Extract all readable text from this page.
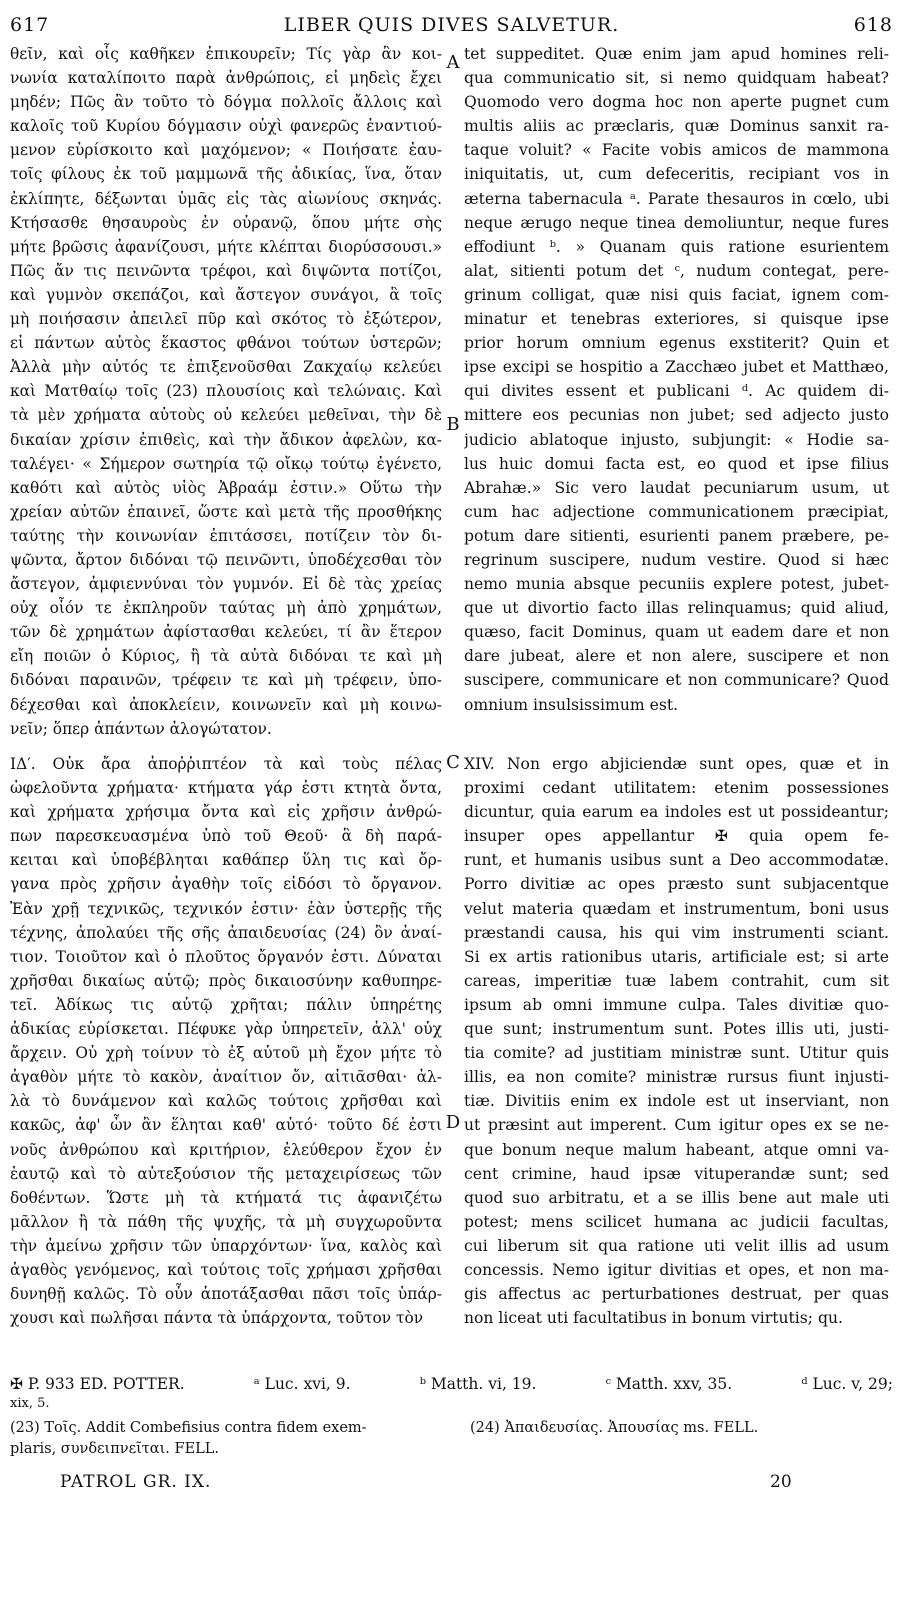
617	LIBER QUIS DIVES SALVETUR.	618
θεῖν, καὶ οἷς καθῆκεν ἐπικουρεῖν; Τίς γὰρ ἂν κοι-
νωνία καταλίποιτο παρὰ ἀνθρώποις, εἰ μηδεὶς ἔχει
μηδέν; Πῶς ἂν τοῦτο τὸ δόγμα πολλοῖς ἄλλοις καὶ
καλοῖς τοῦ Κυρίου δόγμασιν οὐχὶ φανερῶς ἐναντιού-
μενον εὑρίσκοιτο καὶ μαχόμενον; « Ποιήσατε ἑαυ-
τοῖς φίλους ἐκ τοῦ μαμμωνᾶ τῆς ἀδικίας, ἵνα, ὅταν
ἐκλίπητε, δέξωνται ὑμᾶς εἰς τὰς αἰωνίους σκηνάς.
Κτήσασθε θησαυροὺς ἐν οὐρανῷ, ὅπου μήτε σὴς
μήτε βρῶσις ἀφανίζουσι, μήτε κλέπται διορύσσουσι.»
Πῶς ἄν τις πεινῶντα τρέφοι, καὶ διψῶντα ποτίζοι,
καὶ γυμνὸν σκεπάζοι, καὶ ἄστεγον συνάγοι, ἃ τοῖς
μὴ ποιήσασιν ἀπειλεῖ πῦρ καὶ σκότος τὸ ἐξώτερον,
εἰ πάντων αὐτὸς ἕκαστος φθάνοι τούτων ὑστερῶν;
Ἀλλὰ μὴν αὐτός τε ἐπιξενοῦσθαι Ζακχαίῳ κελεύει
καὶ Ματθαίῳ τοῖς (23) πλουσίοις καὶ τελώναις. Καὶ
τὰ μὲν χρήματα αὐτοὺς οὐ κελεύει μεθεῖναι, τὴν δὲ
δικαίαν χρίσιν ἐπιθεὶς, καὶ τὴν ἄδικον ἀφελὼν, κα-
ταλέγει· « Σήμερον σωτηρία τῷ οἴκῳ τούτῳ ἐγένετο,
καθότι καὶ αὐτὸς υἱὸς Ἀβραάμ ἐστιν.» Οὕτω τὴν
χρείαν αὐτῶν ἐπαινεῖ, ὥστε καὶ μετὰ τῆς προσθήκης
ταύτης τὴν κοινωνίαν ἐπιτάσσει, ποτίζειν τὸν δι-
ψῶντα, ἄρτον διδόναι τῷ πεινῶντι, ὑποδέχεσθαι τὸν
ἄστεγον, ἀμφιεννύναι τὸν γυμνόν. Εἰ δὲ τὰς χρείας
οὐχ οἷόν τε ἐκπληροῦν ταύτας μὴ ἀπὸ χρημάτων,
τῶν δὲ χρημάτων ἀφίστασθαι κελεύει, τί ἂν ἕτερον
εἴη ποιῶν ὁ Κύριος, ἢ τὰ αὐτὰ διδόναι τε καὶ μὴ
διδόναι παραινῶν, τρέφειν τε καὶ μὴ τρέφειν, ὑπο-
δέχεσθαι καὶ ἀποκλείειν, κοινωνεῖν καὶ μὴ κοινω-
νεῖν; ὅπερ ἁπάντων ἀλογώτατον.
tet suppeditet. Quæ enim jam apud homines reli-
qua communicatio sit, si nemo quidquam habeat?
Quomodo vero dogma hoc non aperte pugnet cum
multis aliis ac præclaris, quæ Dominus sanxit ra-
taque voluit? « Facite vobis amicos de mammona
iniquitatis, ut, cum defeceritis, recipiant vos in
æterna tabernacula ᵃ. Parate thesauros in cœlo, ubi
neque ærugo neque tinea demoliuntur, neque fures
effodiunt ᵇ. » Quanam quis ratione esurientem
alat, sitienti potum det ᶜ, nudum contegat, pere-
grinum colligat, quæ nisi quis faciat, ignem com-
minatur et tenebras exteriores, si quisque ipse
prior horum omnium egenus exstiterit? Quin et
ipse excipi se hospitio a Zacchæo jubet et Matthæo,
qui divites essent et publicani ᵈ. Ac quidem di-
mittere eos pecunias non jubet; sed adjecto justo
judicio ablatoque injusto, subjungit: « Hodie sa-
lus huic domui facta est, eo quod et ipse filius
Abrahæ.» Sic vero laudat pecuniarum usum, ut
cum hac adjectione communicationem præcipiat,
potum dare sitienti, esurienti panem præbere, pe-
regrinum suscipere, nudum vestire. Quod si hæc
nemo munia absque pecuniis explere potest, jubet-
que ut divortio facto illas relinquamus; quid aliud,
quæso, facit Dominus, quam ut eadem dare et non
dare jubeat, alere et non alere, suscipere et non
suscipere, communicare et non communicare? Quod
omnium insulsissimum est.
ΙΔ′. Οὐκ ἄρα ἀποῤῥιπτέον τὰ καὶ τοὺς πέλας
ὠφελοῦντα χρήματα· κτήματα γάρ ἐστι κτητὰ ὄντα,
καὶ χρήματα χρήσιμα ὄντα καὶ εἰς χρῆσιν ἀνθρώ-
πων παρεσκευασμένα ὑπὸ τοῦ Θεοῦ· ἃ δὴ παρά-
κειται καὶ ὑποβέβληται καθάπερ ὕλη τις καὶ ὄρ-
γανα πρὸς χρῆσιν ἀγαθὴν τοῖς εἰδόσι τὸ ὄργανον.
Ἐὰν χρῇ τεχνικῶς, τεχνικόν ἐστιν· ἐὰν ὑστερῇς τῆς
τέχνης, ἀπολαύει τῆς σῆς ἀπαιδευσίας (24) ὂν ἀναί-
τιον. Τοιοῦτον καὶ ὁ πλοῦτος ὄργανόν ἐστι. Δύναται
χρῆσθαι δικαίως αὐτῷ; πρὸς δικαιοσύνην καθυπηρε-
τεῖ. Ἀδίκως τις αὐτῷ χρῆται; πάλιν ὑπηρέτης
ἀδικίας εὑρίσκεται. Πέφυκε γὰρ ὑπηρετεῖν, ἀλλ' οὐχ
ἄρχειν. Οὐ χρὴ τοίνυν τὸ ἐξ αὐτοῦ μὴ ἔχον μήτε τὸ
ἀγαθὸν μήτε τὸ κακὸν, ἀναίτιον ὄν, αἰτιᾶσθαι· ἀλ-
λὰ τὸ δυνάμενον καὶ καλῶς τούτοις χρῆσθαι καὶ
κακῶς, ἀφ' ὧν ἂν ἕληται καθ' αὐτό· τοῦτο δέ ἐστι
νοῦς ἀνθρώπου καὶ κριτήριον, ἐλεύθερον ἔχον ἐν
ἑαυτῷ καὶ τὸ αὐτεξούσιον τῆς μεταχειρίσεως τῶν
δοθέντων. Ὥστε μὴ τὰ κτήματά τις ἀφανιζέτω
μᾶλλον ἢ τὰ πάθη τῆς ψυχῆς, τὰ μὴ συγχωροῦντα
τὴν ἀμείνω χρῆσιν τῶν ὑπαρχόντων· ἵνα, καλὸς καὶ
ἀγαθὸς γενόμενος, καὶ τούτοις τοῖς χρήμασι χρῆσθαι
δυνηθῇ καλῶς. Τὸ οὖν ἀποτάξασθαι πᾶσι τοῖς ὑπάρ-
χουσι καὶ πωλῆσαι πάντα τὰ ὑπάρχοντα, τοῦτον τὸν
XIV. Non ergo abjiciendæ sunt opes, quæ et in
proximi cedant utilitatem: etenim possessiones
dicuntur, quia earum ea indoles est ut possideantur;
insuper opes appellantur ✠ quia opem fe-
runt, et humanis usibus sunt a Deo accommodatæ.
Porro divitiæ ac opes præsto sunt subjacentque
velut materia quædam et instrumentum, boni usus
præstandi causa, his qui vim instrumenti sciant.
Si ex artis rationibus utaris, artificiale est; si arte
careas, imperitiæ tuæ labem contrahit, cum sit
ipsum ab omni immune culpa. Tales divitiæ quo-
que sunt; instrumentum sunt. Potes illis uti, justi-
tia comite? ad justitiam ministræ sunt. Utitur quis
illis, ea non comite? ministræ rursus fiunt injusti-
tiæ. Divitiis enim ex indole est ut inserviant, non
ut præsint aut imperent. Cum igitur opes ex se ne-
que bonum neque malum habeant, atque omni va-
cent crimine, haud ipsæ vituperandæ sunt; sed
quod suo arbitratu, et a se illis bene aut male uti
potest; mens scilicet humana ac judicii facultas,
cui liberum sit qua ratione uti velit illis ad usum
concessis. Nemo igitur divitias et opes, et non ma-
gis affectus ac perturbationes destruat, per quas
non liceat uti facultatibus in bonum virtutis; qu.
A
B
C
D
✠ P. 933 ED. POTTER.	ᵃ Luc. xvi, 9.	ᵇ Matth. vi, 19.	ᶜ Matth. xxv, 35.	ᵈ Luc. v, 29;
xix, 5.
(23) Τοῖς. Addit Combefisius contra fidem exem-
plaris, συνδειπνεῖται. FELL.
(24) Ἀπαιδευσίας. Ἀπουσίας ms. FELL.
PATROL GR. IX.	20
